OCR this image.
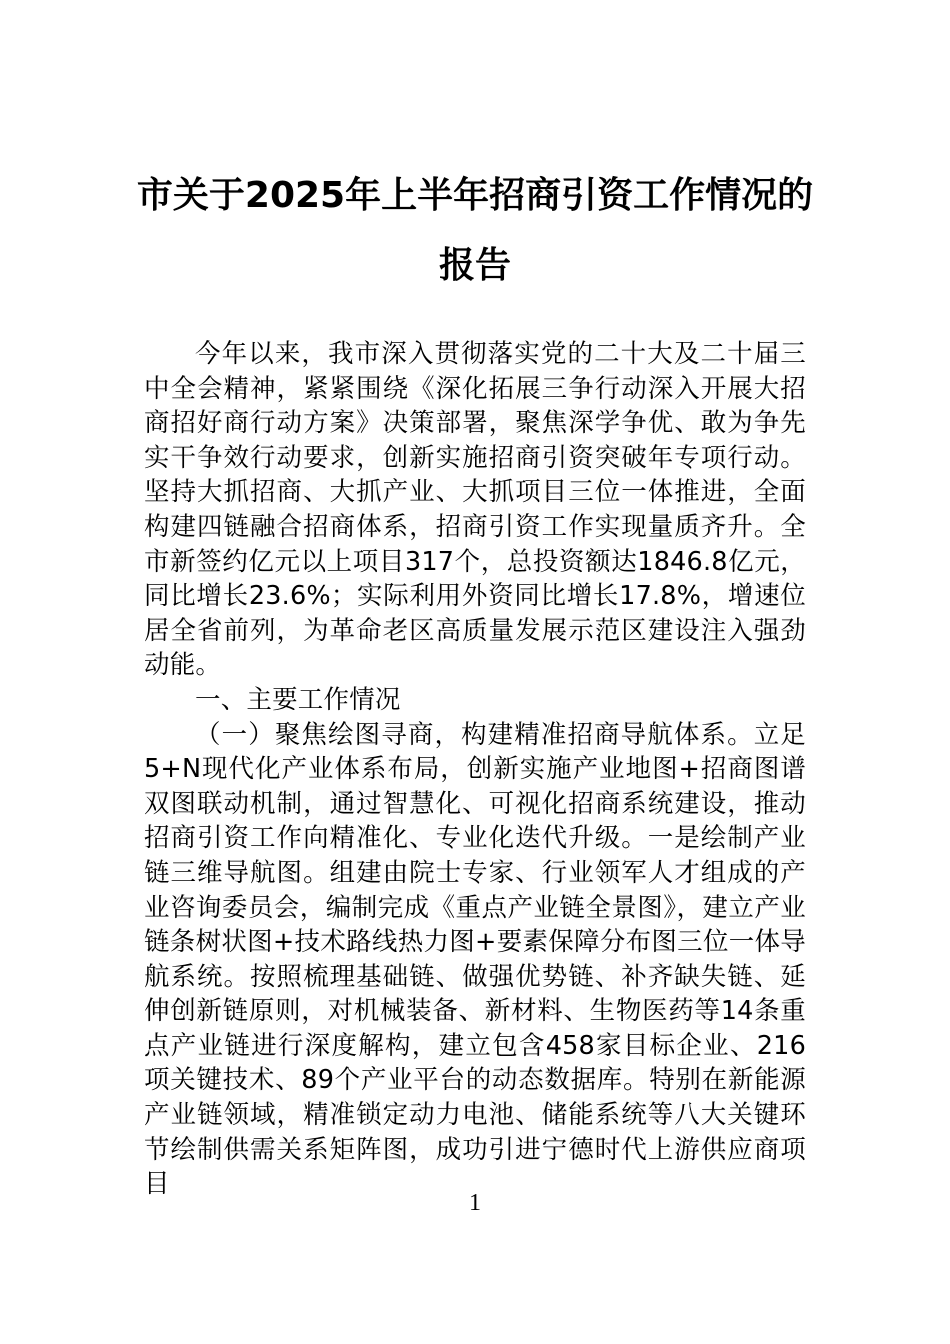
市关于2025年上半年招商引资工作情况的
报告

今年以来，我市深入贯彻落实党的二十大及二十届三中全会精神，紧紧围绕《深化拓展三争行动深入开展大招商招好商行动方案》决策部署，聚焦深学争优、敢为争先实干争效行动要求，创新实施招商引资突破年专项行动。坚持大抓招商、大抓产业、大抓项目三位一体推进，全面构建四链融合招商体系，招商引资工作实现量质齐升。全市新签约亿元以上项目317个，总投资额达1846.8亿元，同比增长23.6%；实际利用外资同比增长17.8%，增速位居全省前列，为革命老区高质量发展示范区建设注入强劲动能。

一、主要工作情况

（一）聚焦绘图寻商，构建精准招商导航体系。立足5+N现代化产业体系布局，创新实施产业地图+招商图谱双图联动机制，通过智慧化、可视化招商系统建设，推动招商引资工作向精准化、专业化迭代升级。一是绘制产业链三维导航图。组建由院士专家、行业领军人才组成的产业咨询委员会，编制完成《重点产业链全景图》，建立产业链条树状图+技术路线热力图+要素保障分布图三位一体导航系统。按照梳理基础链、做强优势链、补齐缺失链、延伸创新链原则，对机械装备、新材料、生物医药等14条重点产业链进行深度解构，建立包含458家目标企业、216项关键技术、89个产业平台的动态数据库。特别在新能源产业链领域，精准锁定动力电池、储能系统等八大关键环节绘制供需关系矩阵图，成功引进宁德时代上游供应商项目

1
